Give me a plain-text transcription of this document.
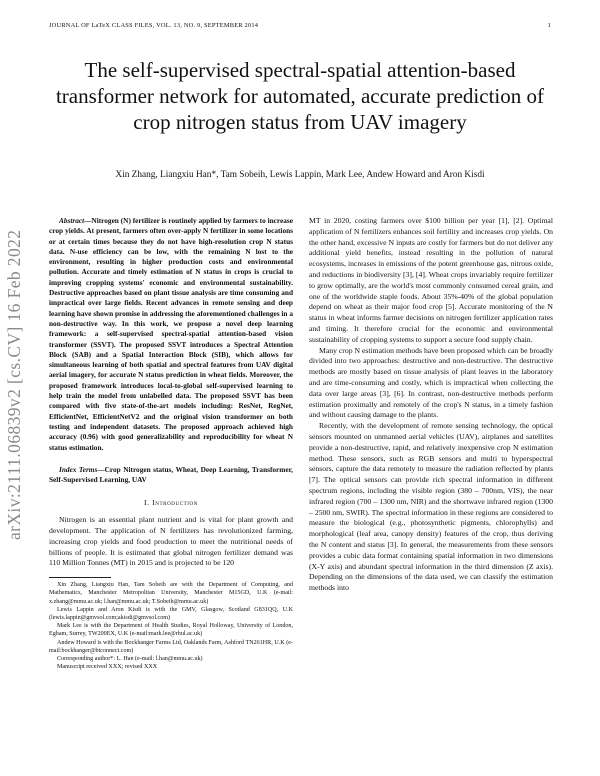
JOURNAL OF LaTeX CLASS FILES, VOL. 13, NO. 9, SEPTEMBER 2014	1
arXiv:2111.06839v2 [cs.CV] 16 Feb 2022
The self-supervised spectral-spatial attention-based transformer network for automated, accurate prediction of crop nitrogen status from UAV imagery
Xin Zhang, Liangxiu Han*, Tam Sobeih, Lewis Lappin, Mark Lee, Andew Howard and Aron Kisdi

Abstract—Nitrogen (N) fertilizer is routinely applied by farmers to increase crop yields. At present, farmers often over-apply N fertilizer in some locations or at certain times because they do not have high-resolution crop N status data. N-use efficiency can be low, with the remaining N lost to the environment, resulting in higher production costs and environmental pollution. Accurate and timely estimation of N status in crops is crucial to improving cropping systems' economic and environmental sustainability. Destructive approaches based on plant tissue analysis are time consuming and impractical over large fields. Recent advances in remote sensing and deep learning have shown promise in addressing the aforementioned challenges in a non-destructive way. In this work, we propose a novel deep learning framework: a self-supervised spectral-spatial attention-based vision transformer (SSVT). The proposed SSVT introduces a Spectral Attention Block (SAB) and a Spatial Interaction Block (SIB), which allows for simultaneous learning of both spatial and spectral features from UAV digital aerial imagery, for accurate N status prediction in wheat fields. Moreover, the proposed framework introduces local-to-global self-supervised learning to help train the model from unlabelled data. The proposed SSVT has been compared with five state-of-the-art models including: ResNet, RegNet, EfficientNet, EfficientNetV2 and the original vision transformer on both testing and independent datasets. The proposed approach achieved high accuracy (0.96) with good generalizability and reproducibility for wheat N status estimation.

Index Terms—Crop Nitrogen status, Wheat, Deep Learning, Transformer, Self-Supervised Learning, UAV

I. Introduction

Nitrogen is an essential plant nutrient and is vital for plant growth and development. The application of N fertilizers has revolutionized farming, increasing crop yields and food production to meet the nutritional needs of billions of people. It is estimated that global nitrogen fertilizer demand was 110 Million Tonnes (MT) in 2015 and is projected to be 120

Xin Zhang, Liangxiu Han, Tam Sobeih are with the Department of Computing, and Mathematics, Manchester Metropolitan University, Manchester M15GD, U.K (e-mail: x.zhang@mmu.ac.uk; l.han@mmu.ac.uk; T.Sobeih@mmu.ac.uk)

Lewis Lappin and Aron Kisdi is with the GMV, Glasgow, Scotland G831QQ, U.K (lewis.lappin@gmvsol.com;akisdi@gmvsol.com)

Mark Lee is with the Department of Health Studies, Royal Holloway, University of London, Egham, Surrey, TW200EX, U.K (e-mail:mark.lee@rhul.ac.uk)

Andew Howard is with the Bockhanger Farms Ltd, Oaklands Farm, Ashford TN261HR, U.K (e-mail:bockhanger@btconnect.com)

Corresponding author*: L. Han (e-mail: l.han@mmu.ac.uk)

Manuscript received XXX; revised XXX

MT in 2020, costing farmers over $100 billion per year [1], [2]. Optimal application of N fertilizers enhances soil fertility and increases crop yields. On the other hand, excessive N inputs are costly for farmers but do not deliver any additional yield benefits, instead resulting in the pollution of natural ecosystems, increases in emissions of the potent greenhouse gas, nitrous oxide, and reductions in biodiversity [3], [4]. Wheat crops invariably require fertilizer to grow optimally, are the world's most commonly consumed cereal grain, and one of the worldwide staple foods. About 35%-40% of the global population depend on wheat as their major food crop [5]. Accurate monitoring of the N status in wheat informs farmer decisions on nitrogen fertilizer application rates and timing. It therefore crucial for the economic and environmental sustainability of cropping systems to support a secure food supply chain.

Many crop N estimation methods have been proposed which can be broadly divided into two approaches: destructive and non-destructive. The destructive methods are mostly based on tissue analysis of plant leaves in the laboratory and are time-consuming and costly, which is impractical when collecting the data over large areas [3], [6]. In contrast, non-destructive methods perform estimation proximally and remotely of the crop's N status, in a timely fashion and without causing damage to the plants.

Recently, with the development of remote sensing technology, the optical sensors mounted on unmanned aerial vehicles (UAV), airplanes and satellites provide a non-destructive, rapid, and relatively inexpensive crop N estimation method. These sensors, such as RGB sensors and multi to hyperspectral sensors, capture the data remotely to measure the radiation reflected by plants [7]. The optical sensors can provide rich spectral information in different spectrum regions, including the visible region (380 – 700nm, VIS), the near infrared region (700 – 1300 nm, NIR) and the shortwave infrared region (1300 – 2500 nm, SWIR). The spectral information in these regions are considered to measure the biological (e.g., photosynthetic pigments, chlorophylls) and morphological (leaf area, canopy density) features of the crop, thus deriving the N content and status [3]. In general, the measurements from these sensors provides a cubic data format containing spatial information in two dimensions (X-Y axis) and abundant spectral information in the third dimension (Z axis). Depending on the dimensions of the data used, we can classify the estimation methods into
